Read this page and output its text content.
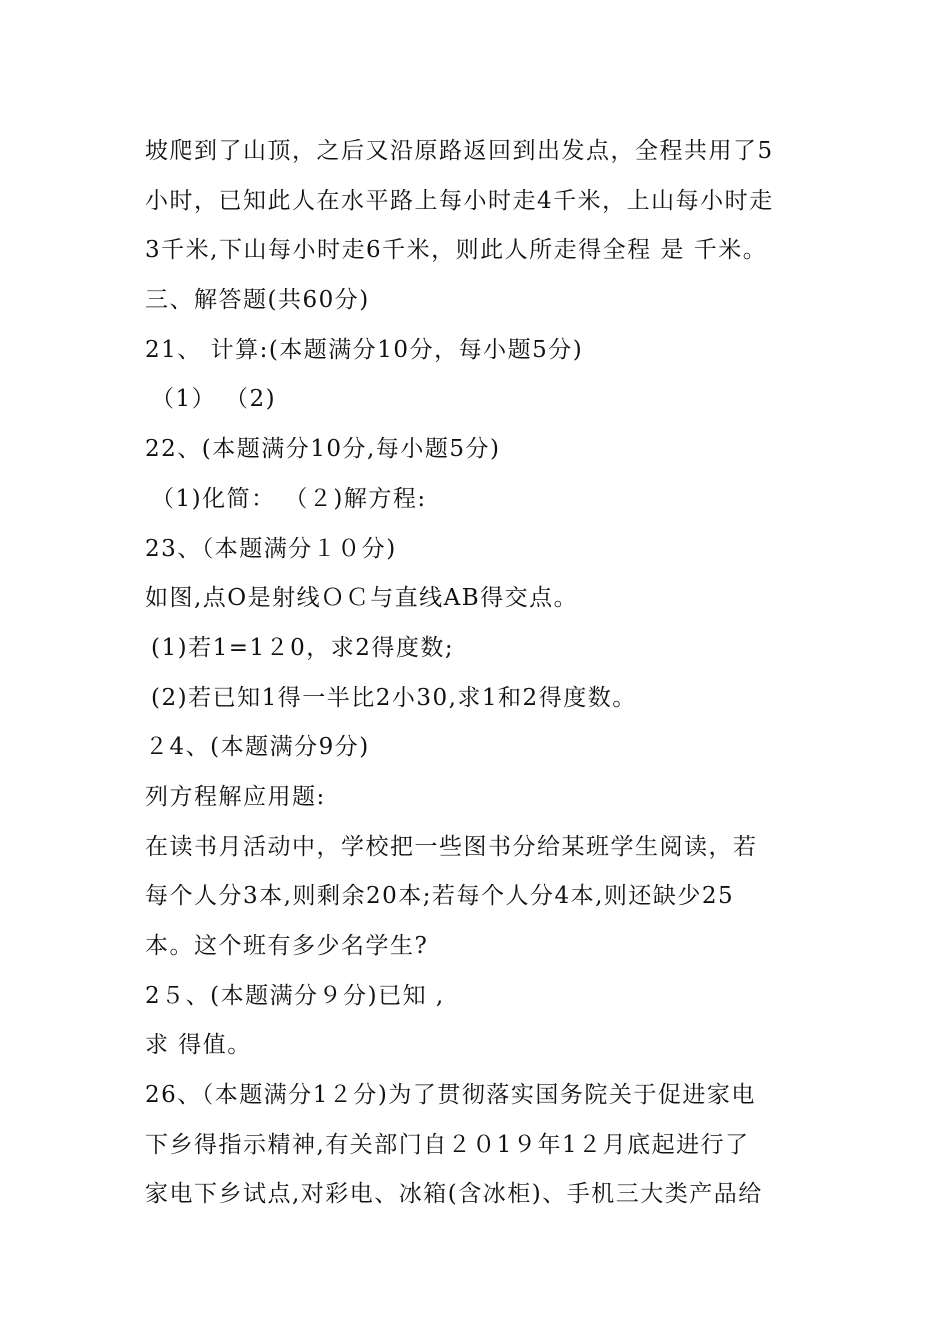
坡爬到了山顶，之后又沿原路返回到出发点，全程共用了5
小时，已知此人在水平路上每小时走4千米，上山每小时走
3千米,下山每小时走6千米，则此人所走得全程 是 千米。
三、解答题(共60分)
21、 计算:(本题满分10分，每小题5分)
（1） （2)
22、(本题满分10分,每小题5分)
（1)化简： （２)解方程:
23、（本题满分１０分)
如图,点O是射线ＯＣ与直线AB得交点。
(1)若1=1２0，求2得度数;
(2)若已知1得一半比2小30,求1和2得度数。
２4、(本题满分9分)
列方程解应用题:
在读书月活动中，学校把一些图书分给某班学生阅读，若
每个人分3本,则剩余20本;若每个人分4本,则还缺少25
本。这个班有多少名学生?
2５、(本题满分９分)已知 ,
求 得值。
26、（本题满分1２分)为了贯彻落实国务院关于促进家电
下乡得指示精神,有关部门自２０1９年1２月底起进行了
家电下乡试点,对彩电、冰箱(含冰柜)、手机三大类产品给
